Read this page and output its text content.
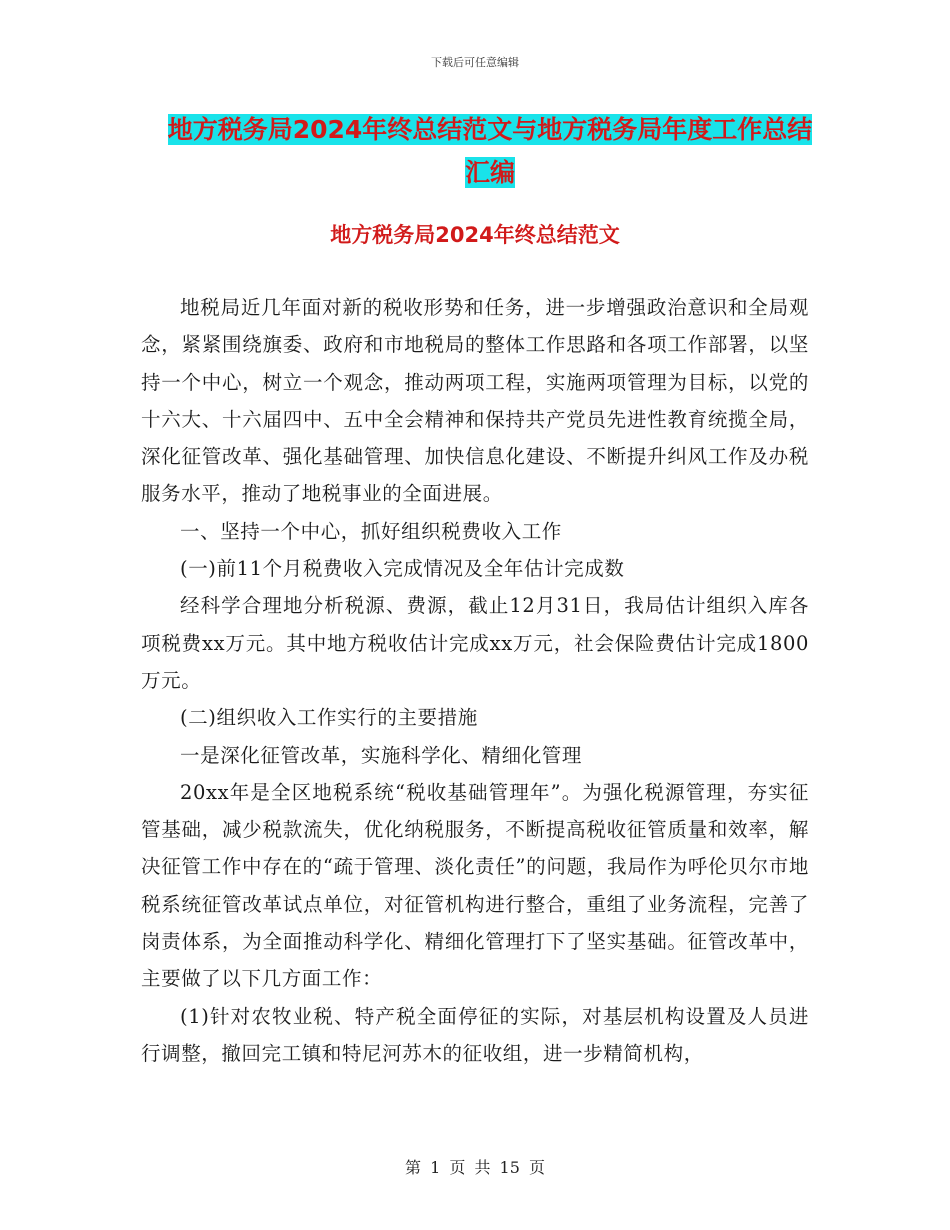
下载后可任意编辑
地方税务局2024年终总结范文与地方税务局年度工作总结汇编
地方税务局2024年终总结范文

地税局近几年面对新的税收形势和任务，进一步增强政治意识和全局观念，紧紧围绕旗委、政府和市地税局的整体工作思路和各项工作部署，以坚持一个中心，树立一个观念，推动两项工程，实施两项管理为目标，以党的十六大、十六届四中、五中全会精神和保持共产党员先进性教育统揽全局，深化征管改革、强化基础管理、加快信息化建设、不断提升纠风工作及办税服务水平，推动了地税事业的全面进展。

一、坚持一个中心，抓好组织税费收入工作

(一)前11个月税费收入完成情况及全年估计完成数

经科学合理地分析税源、费源，截止12月31日，我局估计组织入库各项税费xx万元。其中地方税收估计完成xx万元，社会保险费估计完成1800万元。

(二)组织收入工作实行的主要措施

一是深化征管改革，实施科学化、精细化管理

20xx年是全区地税系统“税收基础管理年”。为强化税源管理，夯实征管基础，减少税款流失，优化纳税服务，不断提高税收征管质量和效率，解决征管工作中存在的“疏于管理、淡化责任”的问题，我局作为呼伦贝尔市地税系统征管改革试点单位，对征管机构进行整合，重组了业务流程，完善了岗责体系，为全面推动科学化、精细化管理打下了坚实基础。征管改革中，主要做了以下几方面工作：

(1)针对农牧业税、特产税全面停征的实际，对基层机构设置及人员进行调整，撤回完工镇和特尼河苏木的征收组，进一步精简机构，

第 1 页 共 15 页
